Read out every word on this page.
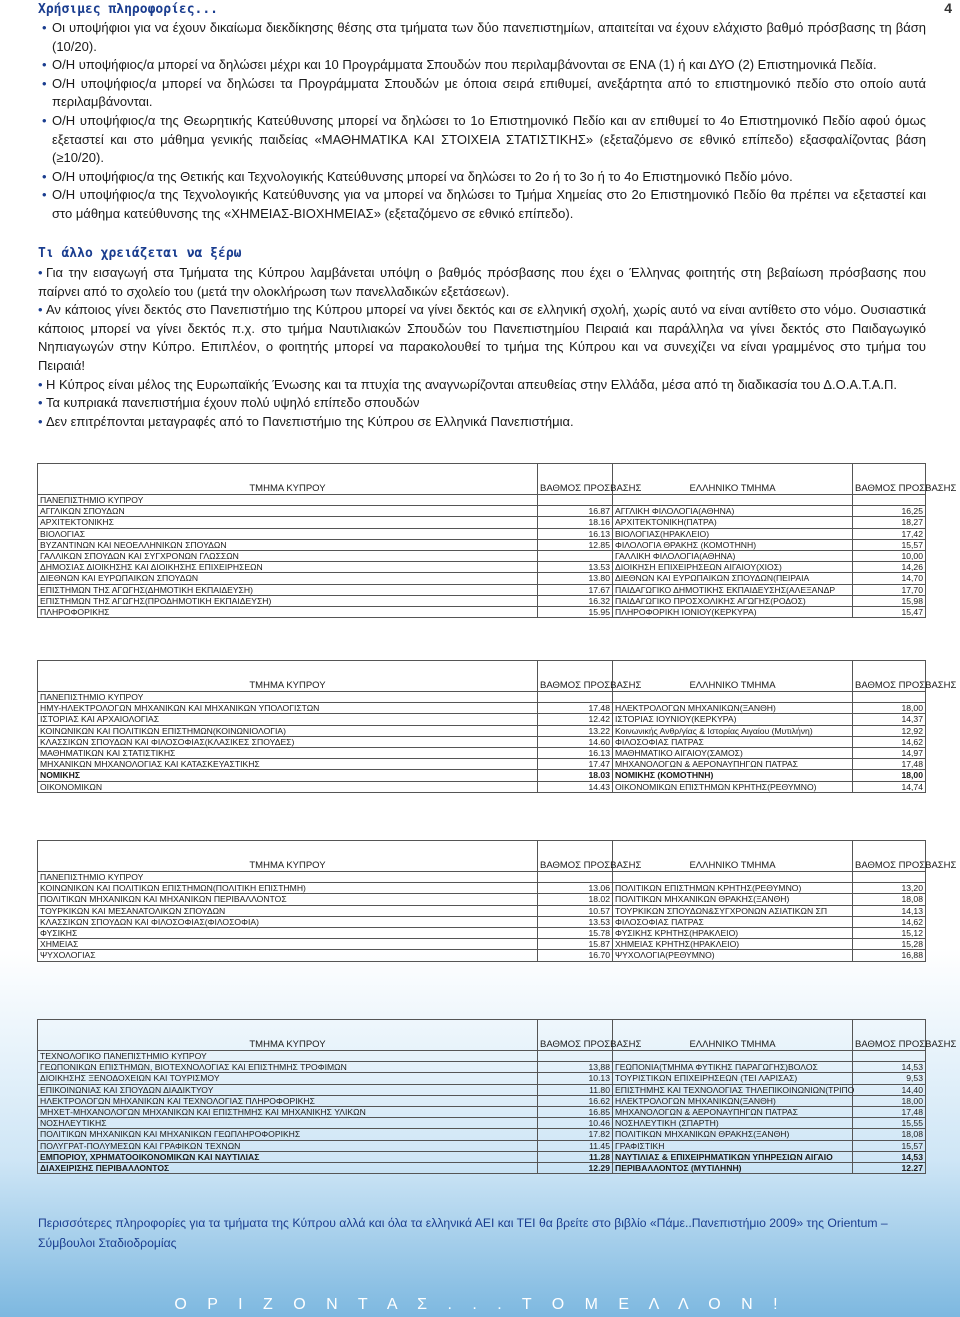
4
Χρήσιμες πληροφορίες...
• Οι υποψήφιοι για να έχουν δικαίωμα διεκδίκησης θέσης στα τμήματα των δύο πανεπιστημίων, απαιτείται να έχουν ελάχιστο βαθμό πρόσβασης τη βάση (10/20).
• Ο/Η υποψήφιος/α μπορεί να δηλώσει μέχρι και 10 Προγράμματα Σπουδών που περιλαμβάνονται σε ΕΝΑ (1) ή και ΔΥΟ (2) Επιστημονικά Πεδία.
• Ο/Η υποψήφιος/α μπορεί να δηλώσει τα Προγράμματα Σπουδών με όποια σειρά επιθυμεί, ανεξάρτητα από το επιστημονικό πεδίο στο οποίο αυτά περιλαμβάνονται.
• Ο/Η υποψήφιος/α της Θεωρητικής Κατεύθυνσης μπορεί να δηλώσει το 1ο Επιστημονικό Πεδίο και αν επιθυμεί το 4ο Επιστημονικό Πεδίο αφού όμως εξεταστεί και στο μάθημα γενικής παιδείας «ΜΑΘΗΜΑΤΙΚΑ ΚΑΙ ΣΤΟΙΧΕΙΑ ΣΤΑΤΙΣΤΙΚΗΣ» (εξεταζόμενο σε εθνικό επίπεδο) εξασφαλίζοντας βάση (≥10/20).
• Ο/Η υποψήφιος/α της Θετικής και Τεχνολογικής Κατεύθυνσης μπορεί να δηλώσει το 2ο ή το 3ο ή το 4ο Επιστημονικό Πεδίο μόνο.
• Ο/Η υποψήφιος/α της Τεχνολογικής Κατεύθυνσης για να μπορεί να δηλώσει το Τμήμα Χημείας στο 2ο Επιστημονικό Πεδίο θα πρέπει να εξεταστεί και στο μάθημα κατεύθυνσης της «ΧΗΜΕΙΑΣ-ΒΙΟΧΗΜΕΙΑΣ» (εξεταζόμενο σε εθνικό επίπεδο).
Τι άλλο χρειάζεται να ξέρω
• Για την εισαγωγή στα Τμήματα της Κύπρου λαμβάνεται υπόψη ο βαθμός πρόσβασης που έχει ο Έλληνας φοιτητής στη βεβαίωση πρόσβασης που παίρνει από το σχολείο του (μετά την ολοκλήρωση των πανελλαδικών εξετάσεων).
• Αν κάποιος γίνει δεκτός στο Πανεπιστήμιο της Κύπρου μπορεί να γίνει δεκτός και σε ελληνική σχολή, χωρίς αυτό να είναι αντίθετο στο νόμο. Ουσιαστικά κάποιος μπορεί να γίνει δεκτός π.χ. στο τμήμα Ναυτιλιακών Σπουδών του Πανεπιστημίου Πειραιά και παράλληλα να γίνει δεκτός στο Παιδαγωγικό Νηπιαγωγών στην Κύπρο. Επιπλέον, ο φοιτητής μπορεί να παρακολουθεί το τμήμα της Κύπρου και να συνεχίζει να είναι γραμμένος στο τμήμα του Πειραιά!
• Η Κύπρος είναι μέλος της Ευρωπαϊκής Ένωσης και τα πτυχία της αναγνωρίζονται απευθείας στην Ελλάδα, μέσα από τη διαδικασία του Δ.Ο.Α.Τ.Α.Π.
• Τα κυπριακά πανεπιστήμια έχουν πολύ υψηλό επίπεδο σπουδών
• Δεν επιτρέπονται μεταγραφές από το Πανεπιστήμιο της Κύπρου σε Ελληνικά Πανεπιστήμια.
ΤΜΗΜΑ ΚΥΠΡΟΥ	ΒΑΘΜΟΣ ΠΡΟΣΒΑΣΗΣ	ΕΛΛΗΝΙΚΟ ΤΜΗΜΑ	ΒΑΘΜΟΣ ΠΡΟΣΒΑΣΗΣ
ΠΑΝΕΠΙΣΤΗΜΙΟ ΚΥΠΡΟΥ			
ΑΓΓΛΙΚΩΝ ΣΠΟΥΔΩΝ	16.87	ΑΓΓΛΙΚΗ ΦΙΛΟΛΟΓΙΑ(ΑΘΗΝΑ)	16,25
ΑΡΧΙΤΕΚΤΟΝΙΚΗΣ	18.16	ΑΡΧΙΤΕΚΤΟΝΙΚΗ(ΠΑΤΡΑ)	18,27
ΒΙΟΛΟΓΙΑΣ	16.13	ΒΙΟΛΟΓΙΑΣ(ΗΡΑΚΛΕΙΟ)	17,42
ΒΥΖΑΝΤΙΝΩΝ ΚΑΙ ΝΕΟΕΛΛΗΝΙΚΩΝ ΣΠΟΥΔΩΝ	12.85	ΦΙΛΟΛΟΓΙΑ ΘΡΑΚΗΣ (ΚΟΜΟΤΗΝΗ)	15,57
ΓΑΛΛΙΚΩΝ ΣΠΟΥΔΩΝ ΚΑΙ ΣΥΓΧΡΟΝΩΝ ΓΛΩΣΣΩΝ		ΓΑΛΛΙΚΗ ΦΙΛΟΛΟΓΙΑ(ΑΘΗΝΑ)	10,00
ΔΗΜΟΣΙΑΣ ΔΙΟΙΚΗΣΗΣ ΚΑΙ ΔΙΟΙΚΗΣΗΣ ΕΠΙΧΕΙΡΗΣΕΩΝ	13.53	ΔΙΟΙΚΗΣΗ ΕΠΙΧΕΙΡΗΣΕΩΝ ΑΙΓΑΙΟΥ(ΧΙΟΣ)	14,26
ΔΙΕΘΝΩΝ ΚΑΙ ΕΥΡΩΠΑΙΚΩΝ ΣΠΟΥΔΩΝ	13.80	ΔΙΕΘΝΩΝ ΚΑΙ ΕΥΡΩΠΑΙΚΩΝ ΣΠΟΥΔΩΝ(ΠΕΙΡΑΙΑ	14,70
ΕΠΙΣΤΗΜΩΝ ΤΗΣ ΑΓΩΓΗΣ(ΔΗΜΟΤΙΚΗ ΕΚΠΑΙΔΕΥΣΗ)	17.67	ΠΑΙΔΑΓΩΓΙΚΟ ΔΗΜΟΤΙΚΗΣ ΕΚΠΑΙΔΕΥΣΗΣ(ΑΛΕΞΑΝΔΡ	17,70
ΕΠΙΣΤΗΜΩΝ ΤΗΣ ΑΓΩΓΗΣ(ΠΡΟΔΗΜΟΤΙΚΗ ΕΚΠΑΙΔΕΥΣΗ)	16.32	ΠΑΙΔΑΓΩΓΙΚΟ ΠΡΟΣΧΟΛΙΚΗΣ ΑΓΩΓΗΣ(ΡΟΔΟΣ)	15,98
ΠΛΗΡΟΦΟΡΙΚΗΣ	15.95	ΠΛΗΡΟΦΟΡΙΚΗ ΙΟΝΙΟΥ(ΚΕΡΚΥΡΑ)	15,47
ΤΜΗΜΑ ΚΥΠΡΟΥ	ΒΑΘΜΟΣ ΠΡΟΣΒΑΣΗΣ	ΕΛΛΗΝΙΚΟ ΤΜΗΜΑ	ΒΑΘΜΟΣ ΠΡΟΣΒΑΣΗΣ
ΠΑΝΕΠΙΣΤΗΜΙΟ ΚΥΠΡΟΥ			
ΗΜΥ-ΗΛΕΚΤΡΟΛΟΓΩΝ ΜΗΧΑΝΙΚΩΝ ΚΑΙ ΜΗΧΑΝΙΚΩΝ ΥΠΟΛΟΓΙΣΤΩΝ	17.48	ΗΛΕΚΤΡΟΛΟΓΩΝ ΜΗΧΑΝΙΚΩΝ(ΞΑΝΘΗ)	18,00
ΙΣΤΟΡΙΑΣ ΚΑΙ ΑΡΧΑΙΟΛΟΓΙΑΣ	12.42	ΙΣΤΟΡΙΑΣ ΙΟΥΝΙΟΥ(ΚΕΡΚΥΡΑ)	14,37
ΚΟΙΝΩΝΙΚΩΝ ΚΑΙ ΠΟΛΙΤΙΚΩΝ ΕΠΙΣΤΗΜΩΝ(ΚΟΙΝΩΝΙΟΛΟΓΙΑ)	13.22	Κοινωνικής Ανθρ/γίας & Ιστορίας Αιγαίου (Μυτιλήνη)	12,92
ΚΛΑΣΣΙΚΩΝ ΣΠΟΥΔΩΝ ΚΑΙ ΦΙΛΟΣΟΦΙΑΣ(ΚΛΑΣΙΚΕΣ ΣΠΟΥΔΕΣ)	14.60	ΦΙΛΟΣΟΦΙΑΣ ΠΑΤΡΑΣ	14,62
ΜΑΘΗΜΑΤΙΚΩΝ ΚΑΙ ΣΤΑΤΙΣΤΙΚΗΣ	16.13	ΜΑΘΗΜΑΤΙΚΟ ΑΙΓΑΙΟΥ(ΣΑΜΟΣ)	14,97
ΜΗΧΑΝΙΚΩΝ ΜΗΧΑΝΟΛΟΓΙΑΣ ΚΑΙ ΚΑΤΑΣΚΕΥΑΣΤΙΚΗΣ	17.47	ΜΗΧΑΝΟΛΟΓΩΝ & ΑΕΡΟΝΑΥΠΗΓΩΝ ΠΑΤΡΑΣ	17,48
ΝΟΜΙΚΗΣ	18.03	ΝΟΜΙΚΗΣ (ΚΟΜΟΤΗΝΗ)	18,00
ΟΙΚΟΝΟΜΙΚΩΝ	14.43	ΟΙΚΟΝΟΜΙΚΩΝ ΕΠΙΣΤΗΜΩΝ ΚΡΗΤΗΣ(ΡΕΘΥΜΝΟ)	14,74
ΤΜΗΜΑ ΚΥΠΡΟΥ	ΒΑΘΜΟΣ ΠΡΟΣΒΑΣΗΣ	ΕΛΛΗΝΙΚΟ ΤΜΗΜΑ	ΒΑΘΜΟΣ ΠΡΟΣΒΑΣΗΣ
ΠΑΝΕΠΙΣΤΗΜΙΟ ΚΥΠΡΟΥ			
ΚΟΙΝΩΝΙΚΩΝ ΚΑΙ ΠΟΛΙΤΙΚΩΝ ΕΠΙΣΤΗΜΩΝ(ΠΟΛΙΤΙΚΗ ΕΠΙΣΤΗΜΗ)	13.06	ΠΟΛΙΤΙΚΩΝ ΕΠΙΣΤΗΜΩΝ ΚΡΗΤΗΣ(ΡΕΘΥΜΝΟ)	13,20
ΠΟΛΙΤΙΚΩΝ ΜΗΧΑΝΙΚΩΝ ΚΑΙ ΜΗΧΑΝΙΚΩΝ ΠΕΡΙΒΑΛΛΟΝΤΟΣ	18.02	ΠΟΛΙΤΙΚΩΝ ΜΗΧΑΝΙΚΩΝ ΘΡΑΚΗΣ(ΞΑΝΘΗ)	18,08
ΤΟΥΡΚΙΚΩΝ ΚΑΙ ΜΕΣΑΝΑΤΟΛΙΚΩΝ ΣΠΟΥΔΩΝ	10.57	ΤΟΥΡΚΙΚΩΝ ΣΠΟΥΔΩΝ&ΣΥΓΧΡΟΝΩΝ ΑΣΙΑΤΙΚΩΝ ΣΠ	14,13
ΚΛΑΣΣΙΚΩΝ ΣΠΟΥΔΩΝ ΚΑΙ ΦΙΛΟΣΟΦΙΑΣ(ΦΙΛΟΣΟΦΙΑ)	13.53	ΦΙΛΟΣΟΦΙΑΣ ΠΑΤΡΑΣ	14,62
ΦΥΣΙΚΗΣ	15.78	ΦΥΣΙΚΗΣ ΚΡΗΤΗΣ(ΗΡΑΚΛΕΙΟ)	15,12
ΧΗΜΕΙΑΣ	15.87	ΧΗΜΕΙΑΣ ΚΡΗΤΗΣ(ΗΡΑΚΛΕΙΟ)	15,28
ΨΥΧΟΛΟΓΙΑΣ	16.70	ΨΥΧΟΛΟΓΙΑ(ΡΕΘΥΜΝΟ)	16,88
ΤΜΗΜΑ ΚΥΠΡΟΥ	ΒΑΘΜΟΣ ΠΡΟΣΒΑΣΗΣ	ΕΛΛΗΝΙΚΟ ΤΜΗΜΑ	ΒΑΘΜΟΣ ΠΡΟΣΒΑΣΗΣ
ΤΕΧΝΟΛΟΓΙΚΟ ΠΑΝΕΠΙΣΤΗΜΙΟ ΚΥΠΡΟΥ			
ΓΕΩΠΟΝΙΚΩΝ ΕΠΙΣΤΗΜΩΝ, ΒΙΟΤΕΧΝΟΛΟΓΙΑΣ ΚΑΙ ΕΠΙΣΤΗΜΗΣ ΤΡΟΦΙΜΩΝ	13,88	ΓΕΩΠΟΝΙΑ(ΤΜΗΜΑ ΦΥΤΙΚΗΣ ΠΑΡΑΓΩΓΗΣ)ΒΟΛΟΣ	14,53
ΔΙΟΙΚΗΣΗΣ ΞΕΝΟΔΟΧΕΙΩΝ ΚΑΙ ΤΟΥΡΙΣΜΟΥ	10.13	ΤΟΥΡΙΣΤΙΚΩΝ ΕΠΙΧΕΙΡΗΣΕΩΝ (ΤΕΙ ΛΑΡΙΣΑΣ)	9,53
ΕΠΙΚΟΙΝΩΝΙΑΣ ΚΑΙ ΣΠΟΥΔΩΝ ΔΙΑΔΙΚΤΥΟΥ	11.80	ΕΠΙΣΤΗΜΗΣ ΚΑΙ ΤΕΧΝΟΛΟΓΙΑΣ ΤΗΛΕΠΙΚΟΙΝΩΝΙΩΝ(ΤΡΙΠΟ	14,40
ΗΛΕΚΤΡΟΛΟΓΩΝ ΜΗΧΑΝΙΚΩΝ ΚΑΙ ΤΕΧΝΟΛΟΓΙΑΣ ΠΛΗΡΟΦΟΡΙΚΗΣ	16.62	ΗΛΕΚΤΡΟΛΟΓΩΝ ΜΗΧΑΝΙΚΩΝ(ΞΑΝΘΗ)	18,00
ΜΗΧΕΤ-ΜΗΧΑΝΟΛΟΓΩΝ ΜΗΧΑΝΙΚΩΝ ΚΑΙ ΕΠΙΣΤΗΜΗΣ ΚΑΙ ΜΗΧΑΝΙΚΗΣ ΥΛΙΚΩΝ	16.85	ΜΗΧΑΝΟΛΟΓΩΝ & ΑΕΡΟΝΑΥΠΗΓΩΝ ΠΑΤΡΑΣ	17,48
ΝΟΣΗΛΕΥΤΙΚΗΣ	10.46	ΝΟΣΗΛΕΥΤΙΚΗ (ΣΠΑΡΤΗ)	15,55
ΠΟΛΙΤΙΚΩΝ ΜΗΧΑΝΙΚΩΝ ΚΑΙ ΜΗΧΑΝΙΚΩΝ ΓΕΩΠΛΗΡΟΦΟΡΙΚΗΣ	17.82	ΠΟΛΙΤΙΚΩΝ ΜΗΧΑΝΙΚΩΝ ΘΡΑΚΗΣ(ΞΑΝΘΗ)	18,08
ΠΟΛΥΓΡΑΤ-ΠΟΛΥΜΕΣΩΝ ΚΑΙ ΓΡΑΦΙΚΩΝ ΤΕΧΝΩΝ	11.45	ΓΡΑΦΙΣΤΙΚΗ	15,57
ΕΜΠΟΡΙΟΥ, ΧΡΗΜΑΤΟΟΙΚΟΝΟΜΙΚΩΝ ΚΑΙ ΝΑΥΤΙΛΙΑΣ	11.28	ΝΑΥΤΙΛΙΑΣ & ΕΠΙΧΕΙΡΗΜΑΤΙΚΩΝ ΥΠΗΡΕΣΙΩΝ ΑΙΓΑΙΟ	14,53
ΔΙΑΧΕΙΡΙΣΗΣ ΠΕΡΙΒΑΛΛΟΝΤΟΣ	12.29	ΠΕΡΙΒΑΛΛΟΝΤΟΣ (ΜΥΤΙΛΗΝΗ)	12.27
Περισσότερες πληροφορίες για τα τμήματα της Κύπρου αλλά και όλα τα ελληνικά ΑΕΙ και ΤΕΙ θα βρείτε στο βιβλίο «Πάμε..Πανεπιστήμιο 2009» της Orientum – Σύμβουλοι Σταδιοδρομίας
Ο Ρ Ι Ζ Ο Ν Τ Α Σ . . . Τ Ο Μ Ε Λ Λ Ο Ν !
